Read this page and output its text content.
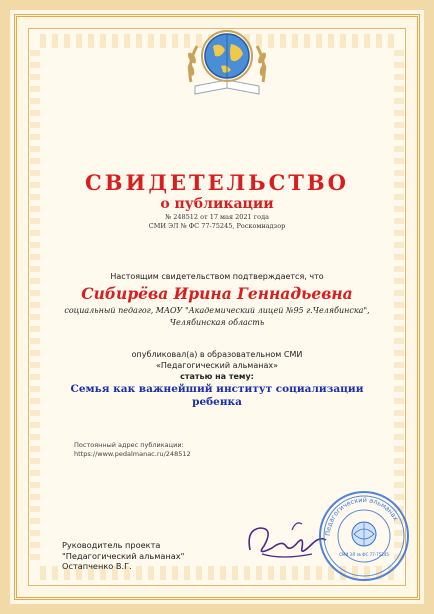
СВИДЕТЕЛЬСТВО
о публикации
№ 248512 от 17 мая 2021 года
СМИ ЭЛ № ФС 77-75245, Роскомнадзор
Настоящим свидетельством подтверждается, что
Сибирёва Ирина Геннадьевна
социальный педагог, МАОУ "Академический лицей №95 г.Челябинска",
Челябинская область
опубликовал(а) в образовательном СМИ
«Педагогический альманах»
статью на тему:
Семья как важнейший институт социализации
ребенка
Постоянный адрес публикации:
https://www.pedalmanac.ru/248512
Руководитель проекта
"Педагогический альманах"
Остапченко В.Г.
Педагогический альманах
СМИ ЭЛ № ФС 77-75245
